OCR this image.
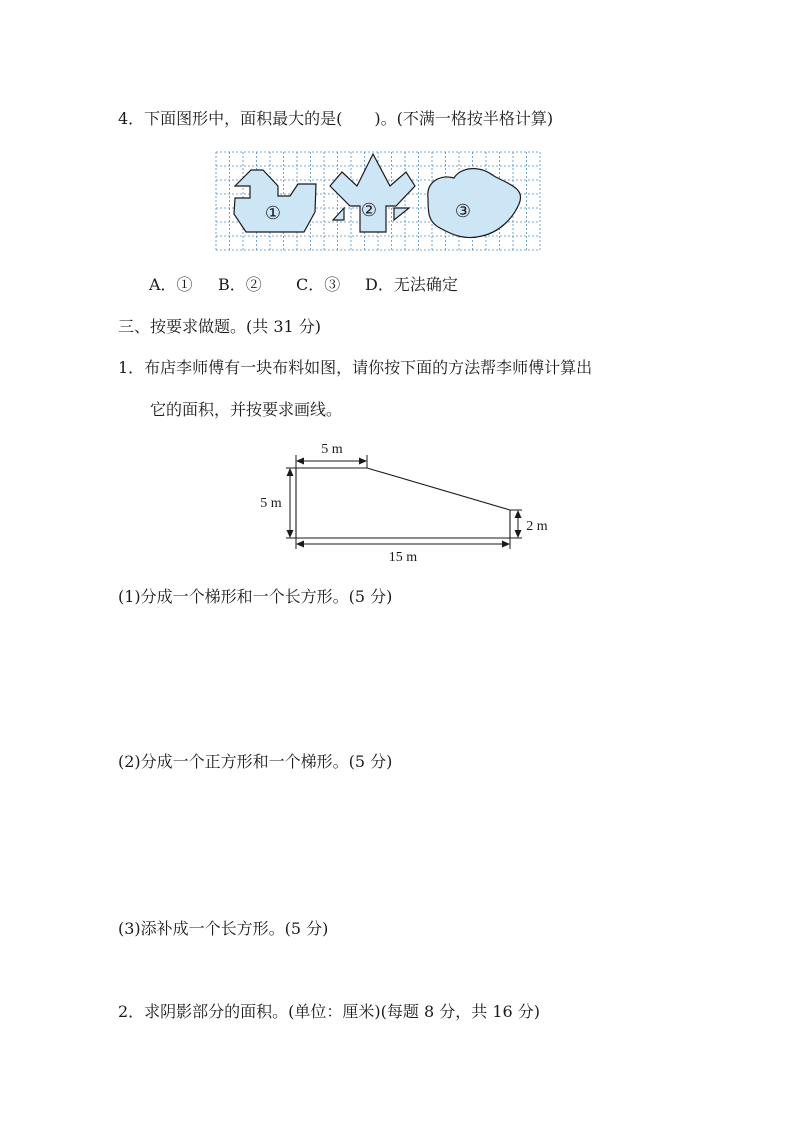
4．下面图形中，面积最大的是(　　)。(不满一格按半格计算)
①	②	③
A．① B．② C．③ D．无法确定
三、按要求做题。(共 31 分)
1．布店李师傅有一块布料如图，请你按下面的方法帮李师傅计算出
它的面积，并按要求画线。
5 m
5 m
2 m
15 m
(1)分成一个梯形和一个长方形。(5 分)
(2)分成一个正方形和一个梯形。(5 分)
(3)添补成一个长方形。(5 分)
2．求阴影部分的面积。(单位：厘米)(每题 8 分，共 16 分)
